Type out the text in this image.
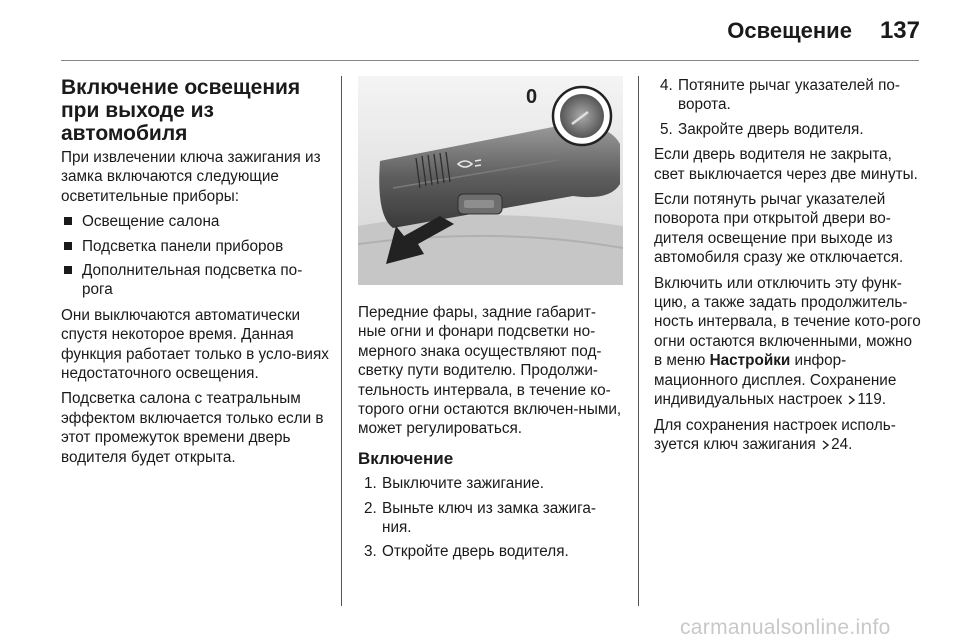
Освещение 137
Включение освещения
при выходе из
автомобиля

При извлечении ключа зажигания из замка включаются следующие осветительные приборы:

Освещение салона
Подсветка панели приборов
Дополнительная подсветка по-рога

Они выключаются автоматически спустя некоторое время. Данная функция работает только в усло-виях недостаточного освещения.

Подсветка салона с театральным эффектом включается только если в этот промежуток времени дверь водителя будет открыта.

0

Передние фары, задние габарит-ные огни и фонари подсветки но-мерного знака осуществляют под-светку пути водителю. Продолжи-тельность интервала, в течение ко-торого огни остаются включен-ными, может регулироваться.

Включение
1. Выключите зажигание.
2. Выньте ключ из замка зажига-ния.
3. Откройте дверь водителя.
4. Потяните рычаг указателей по-ворота.
5. Закройте дверь водителя.

Если дверь водителя не закрыта, свет выключается через две минуты.

Если потянуть рычаг указателей поворота при открытой двери во-дителя освещение при выходе из автомобиля сразу же отключается.

Включить или отключить эту функ-цию, а также задать продолжитель-ность интервала, в течение кото-рого огни остаются включенными, можно в меню Настройки инфор-мационного дисплея. Сохранение индивидуальных настроек 119.

Для сохранения настроек исполь-зуется ключ зажигания 24.

carmanualsonline.info
